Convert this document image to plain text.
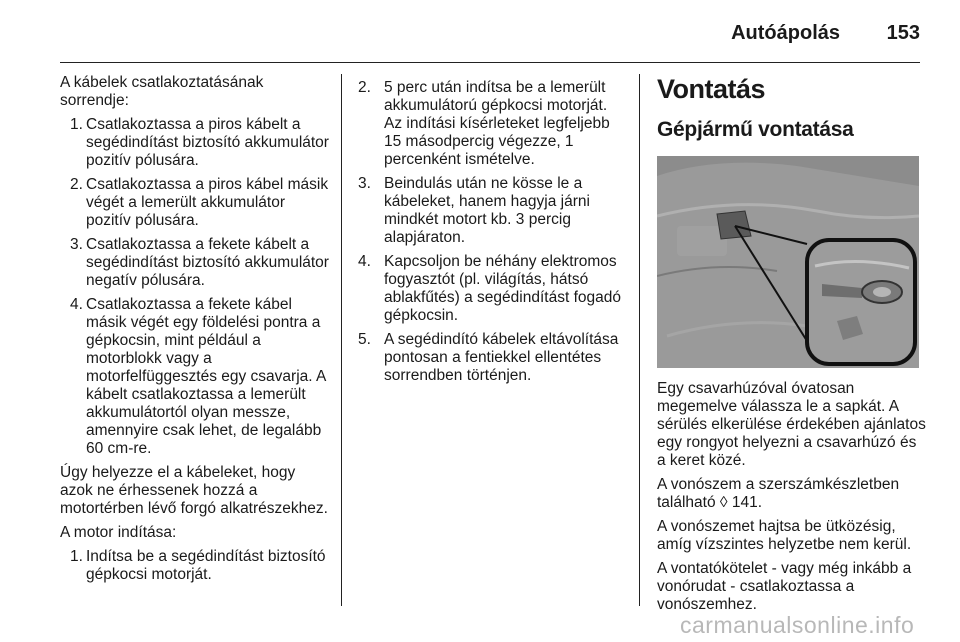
Autóápolás 153

A kábelek csatlakoztatásának sorrendje:

1. Csatlakoztassa a piros kábelt a segédindítást biztosító akkumulátor pozitív pólusára.
2. Csatlakoztassa a piros kábel másik végét a lemerült akkumulátor pozitív pólusára.
3. Csatlakoztassa a fekete kábelt a segédindítást biztosító akkumulátor negatív pólusára.
4. Csatlakoztassa a fekete kábel másik végét egy földelési pontra a gépkocsin, mint például a motorblokk vagy a motorfelfüggesztés egy csavarja. A kábelt csatlakoztassa a lemerült akkumulátortól olyan messze, amennyire csak lehet, de legalább 60 cm-re.

Úgy helyezze el a kábeleket, hogy azok ne érhessenek hozzá a motortérben lévő forgó alkatrészekhez.

A motor indítása:

1. Indítsa be a segédindítást biztosító gépkocsi motorját.
2. 5 perc után indítsa be a lemerült akkumulátorú gépkocsi motorját. Az indítási kísérleteket legfeljebb 15 másodpercig végezze, 1 percenként ismételve.
3. Beindulás után ne kösse le a kábeleket, hanem hagyja járni mindkét motort kb. 3 percig alapjáraton.
4. Kapcsoljon be néhány elektromos fogyasztót (pl. világítás, hátsó ablakfűtés) a segédindítást fogadó gépkocsin.
5. A segédindító kábelek eltávolítása pontosan a fentiekkel ellentétes sorrendben történjen.
Vontatás
Gépjármű vontatása

Egy csavarhúzóval óvatosan megemelve válassza le a sapkát. A sérülés elkerülése érdekében ajánlatos egy rongyot helyezni a csavarhúzó és a keret közé.

A vonószem a szerszámkészletben található ◊ 141.

A vonószemet hajtsa be ütközésig, amíg vízszintes helyzetbe nem kerül.

A vontatókötelet - vagy még inkább a vonórudat - csatlakoztassa a vonószemhez.

carmanualsonline.info
